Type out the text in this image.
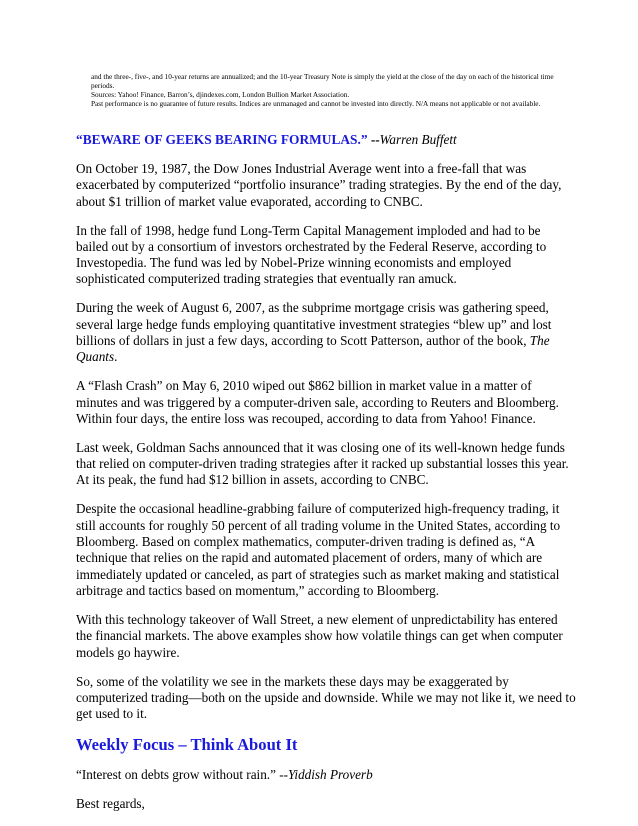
and the three-, five-, and 10-year returns are annualized; and the 10-year Treasury Note is simply the yield at the close of the day on each of the historical time periods.

Sources: Yahoo! Finance, Barron’s, djindexes.com, London Bullion Market Association.

Past performance is no guarantee of future results. Indices are unmanaged and cannot be invested into directly. N/A means not applicable or not available.

“BEWARE OF GEEKS BEARING FORMULAS.” --Warren Buffett

On October 19, 1987, the Dow Jones Industrial Average went into a free-fall that was exacerbated by computerized “portfolio insurance” trading strategies. By the end of the day, about $1 trillion of market value evaporated, according to CNBC.

In the fall of 1998, hedge fund Long-Term Capital Management imploded and had to be bailed out by a consortium of investors orchestrated by the Federal Reserve, according to Investopedia. The fund was led by Nobel-Prize winning economists and employed sophisticated computerized trading strategies that eventually ran amuck.

During the week of August 6, 2007, as the subprime mortgage crisis was gathering speed, several large hedge funds employing quantitative investment strategies “blew up” and lost billions of dollars in just a few days, according to Scott Patterson, author of the book, The Quants.

A “Flash Crash” on May 6, 2010 wiped out $862 billion in market value in a matter of minutes and was triggered by a computer-driven sale, according to Reuters and Bloomberg. Within four days, the entire loss was recouped, according to data from Yahoo! Finance.

Last week, Goldman Sachs announced that it was closing one of its well-known hedge funds that relied on computer-driven trading strategies after it racked up substantial losses this year. At its peak, the fund had $12 billion in assets, according to CNBC.

Despite the occasional headline-grabbing failure of computerized high-frequency trading, it still accounts for roughly 50 percent of all trading volume in the United States, according to Bloomberg. Based on complex mathematics, computer-driven trading is defined as, “A technique that relies on the rapid and automated placement of orders, many of which are immediately updated or canceled, as part of strategies such as market making and statistical arbitrage and tactics based on momentum,” according to Bloomberg.

With this technology takeover of Wall Street, a new element of unpredictability has entered the financial markets. The above examples show how volatile things can get when computer models go haywire.

So, some of the volatility we see in the markets these days may be exaggerated by computerized trading—both on the upside and downside. While we may not like it, we need to get used to it.

Weekly Focus – Think About It

“Interest on debts grow without rain.” --Yiddish Proverb

Best regards,
